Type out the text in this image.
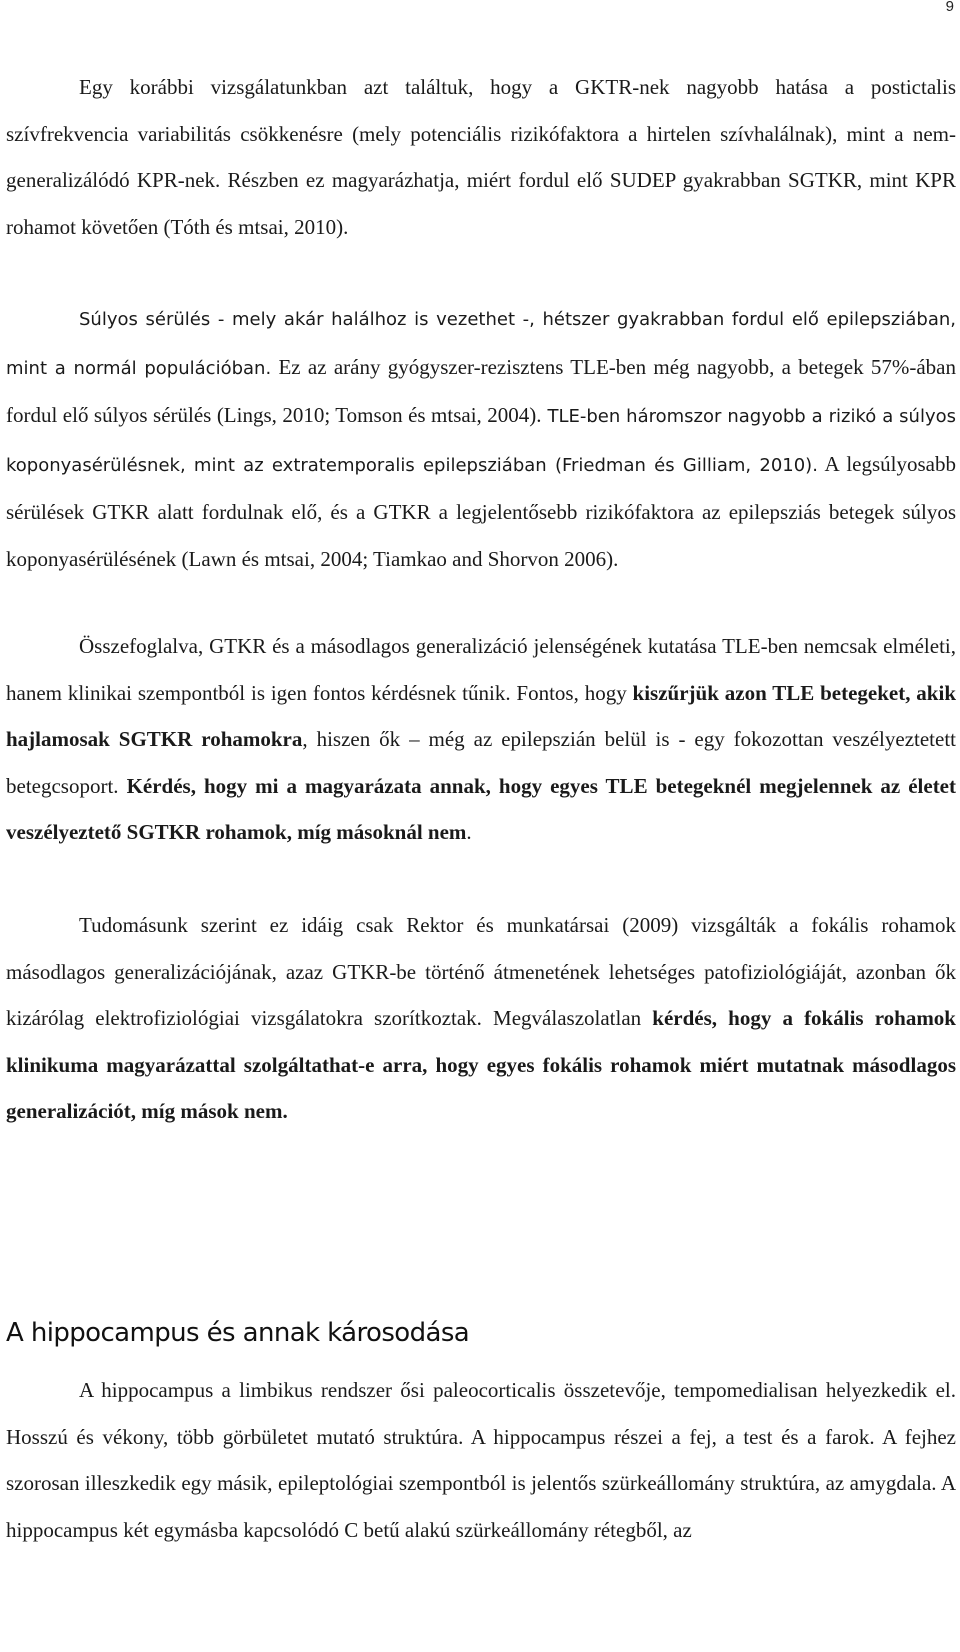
9

Egy korábbi vizsgálatunkban azt találtuk, hogy a GKTR-nek nagyobb hatása a postictalis szívfrekvencia variabilitás csökkenésre (mely potenciális rizikófaktora a hirtelen szívhalálnak), mint a nem-generalizálódó KPR-nek. Részben ez magyarázhatja, miért fordul elő SUDEP gyakrabban SGTKR, mint KPR rohamot követően (Tóth és mtsai, 2010).

Súlyos sérülés - mely akár halálhoz is vezethet -, hétszer gyakrabban fordul elő epilepsziában, mint a normál populációban. Ez az arány gyógyszer-rezisztens TLE-ben még nagyobb, a betegek 57%-ában fordul elő súlyos sérülés (Lings, 2010; Tomson és mtsai, 2004). TLE-ben háromszor nagyobb a rizikó a súlyos koponyasérülésnek, mint az extratemporalis epilepsziában (Friedman és Gilliam, 2010). A legsúlyosabb sérülések GTKR alatt fordulnak elő, és a GTKR a legjelentősebb rizikófaktora az epilepsziás betegek súlyos koponyasérülésének (Lawn és mtsai, 2004; Tiamkao and Shorvon 2006).

Összefoglalva, GTKR és a másodlagos generalizáció jelenségének kutatása TLE-ben nemcsak elméleti, hanem klinikai szempontból is igen fontos kérdésnek tűnik. Fontos, hogy kiszűrjük azon TLE betegeket, akik hajlamosak SGTKR rohamokra, hiszen ők – még az epilepszián belül is - egy fokozottan veszélyeztetett betegcsoport. Kérdés, hogy mi a magyarázata annak, hogy egyes TLE betegeknél megjelennek az életet veszélyeztető SGTKR rohamok, míg másoknál nem.

Tudomásunk szerint ez idáig csak Rektor és munkatársai (2009) vizsgálták a fokális rohamok másodlagos generalizációjának, azaz GTKR-be történő átmenetének lehetséges patofiziológiáját, azonban ők kizárólag elektrofiziológiai vizsgálatokra szorítkoztak. Megválaszolatlan kérdés, hogy a fokális rohamok klinikuma magyarázattal szolgáltathat-e arra, hogy egyes fokális rohamok miért mutatnak másodlagos generalizációt, míg mások nem.

A hippocampus és annak károsodása

A hippocampus a limbikus rendszer ősi paleocorticalis összetevője, tempomedialisan helyezkedik el. Hosszú és vékony, több görbületet mutató struktúra. A hippocampus részei a fej, a test és a farok. A fejhez szorosan illeszkedik egy másik, epileptológiai szempontból is jelentős szürkeállomány struktúra, az amygdala. A hippocampus két egymásba kapcsolódó C betű alakú szürkeállomány rétegből, az
